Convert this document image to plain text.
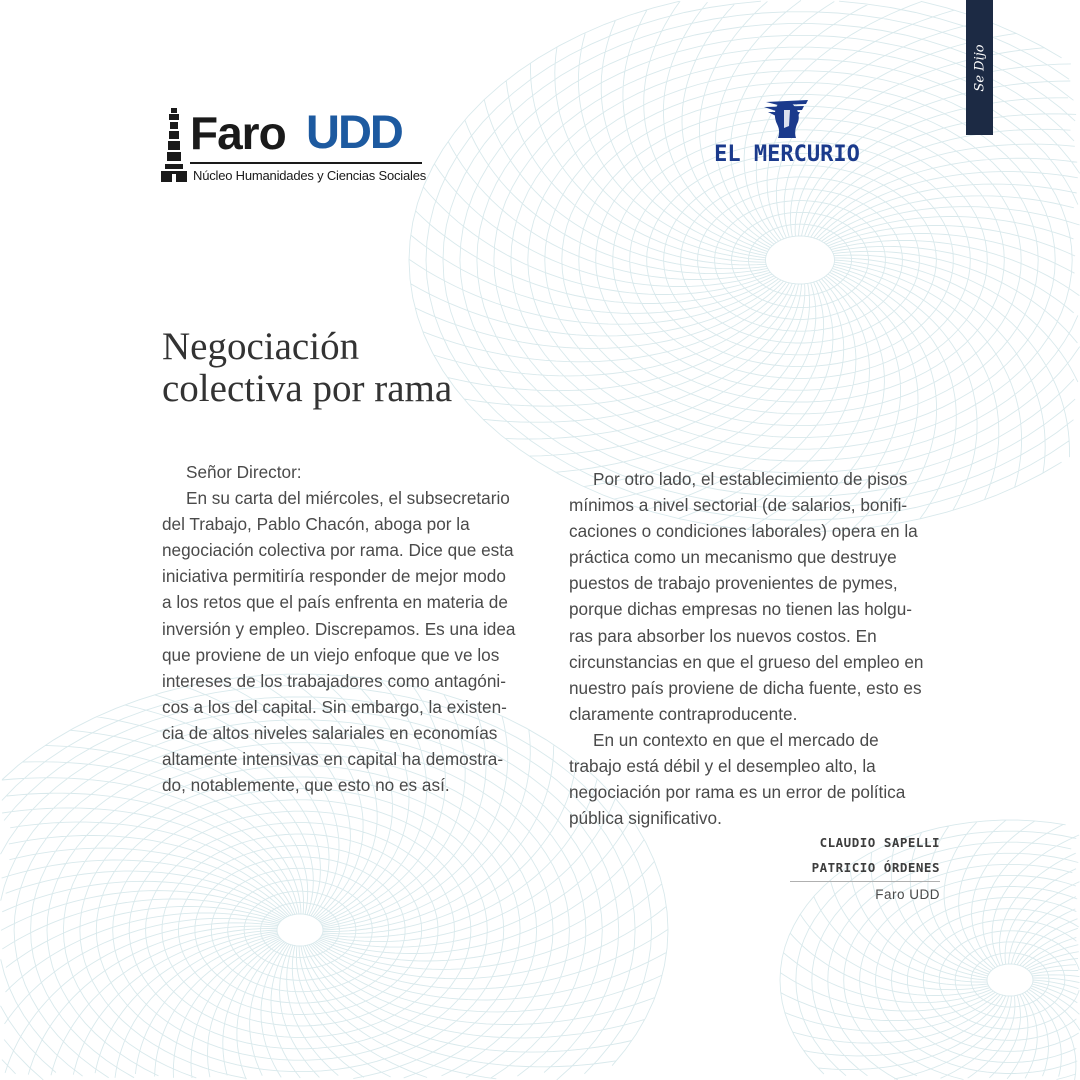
Se Dijo
Faro UDD
Núcleo Humanidades y Ciencias Sociales
EL MERCURIO
Negociación
colectiva por rama
Señor Director:
En su carta del miércoles, el subsecretario
del Trabajo, Pablo Chacón, aboga por la
negociación colectiva por rama. Dice que esta
iniciativa permitiría responder de mejor modo
a los retos que el país enfrenta en materia de
inversión y empleo. Discrepamos. Es una idea
que proviene de un viejo enfoque que ve los
intereses de los trabajadores como antagóni-
cos a los del capital. Sin embargo, la existen-
cia de altos niveles salariales en economías
altamente intensivas en capital ha demostra-
do, notablemente, que esto no es así.
Por otro lado, el establecimiento de pisos
mínimos a nivel sectorial (de salarios, bonifi-
caciones o condiciones laborales) opera en la
práctica como un mecanismo que destruye
puestos de trabajo provenientes de pymes,
porque dichas empresas no tienen las holgu-
ras para absorber los nuevos costos. En
circunstancias en que el grueso del empleo en
nuestro país proviene de dicha fuente, esto es
claramente contraproducente.
En un contexto en que el mercado de
trabajo está débil y el desempleo alto, la
negociación por rama es un error de política
pública significativo.
CLAUDIO SAPELLI
PATRICIO ÓRDENES
Faro UDD
